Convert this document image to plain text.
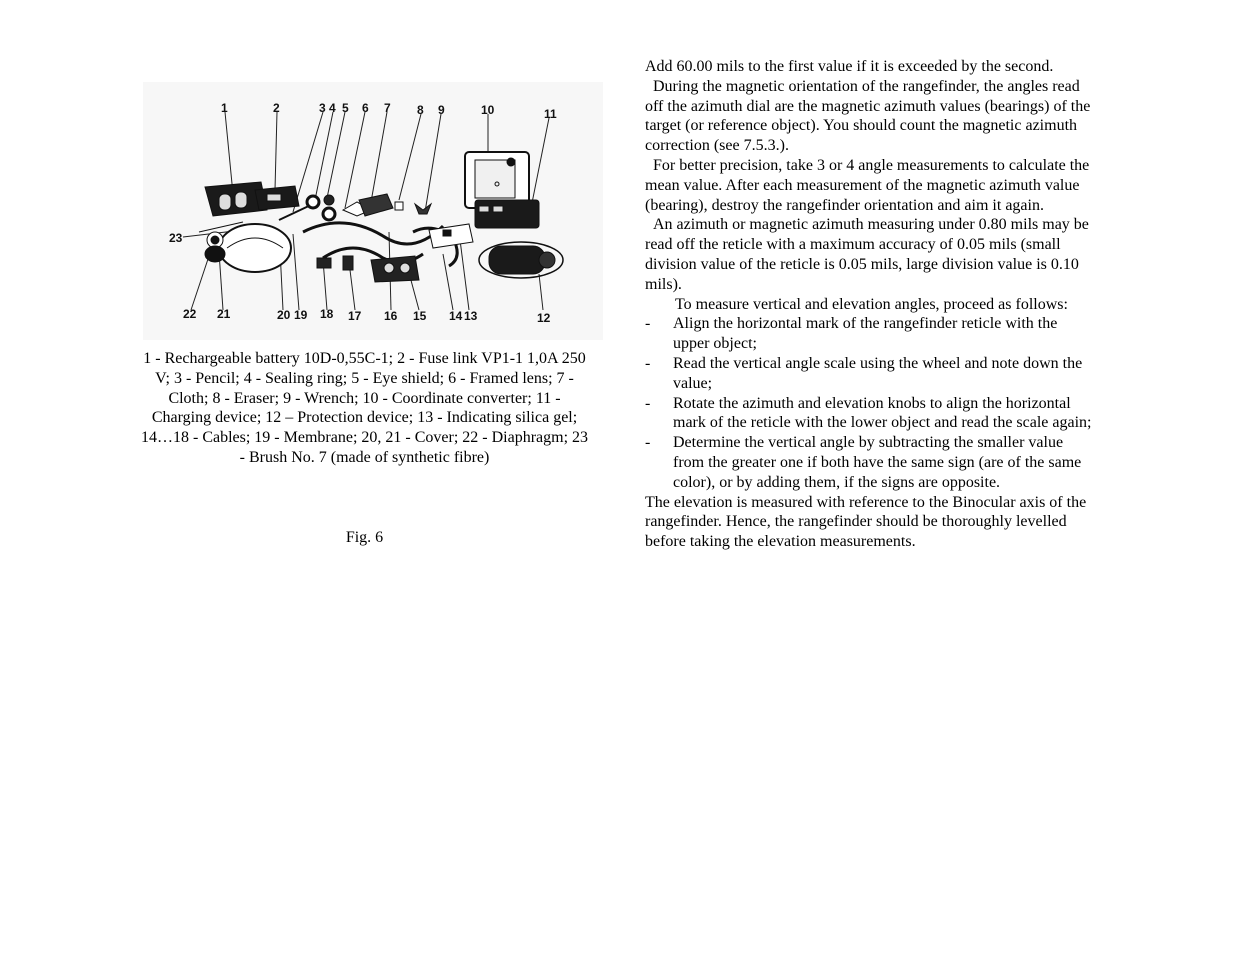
1	2	3 4 5 6 7 8 9	10	11
12
13
14
15
16
17
18
19
20
21
22
23
1 - Rechargeable battery 10D-0,55C-1; 2 - Fuse link VP1-1 1,0A 250 V; 3 - Pencil; 4 - Sealing ring; 5 - Eye shield; 6 - Framed lens; 7 - Cloth; 8 - Eraser; 9 - Wrench; 10 - Coordinate converter; 11 - Charging device; 12 – Protection device; 13 - Indicating silica gel; 14…18 - Cables; 19 - Membrane; 20, 21 - Cover; 22 - Diaphragm; 23 - Brush No. 7 (made of synthetic fibre)
Fig. 6

Add 60.00 mils to the first value if it is exceeded by the second.

During the magnetic orientation of the rangefinder, the angles read off the azimuth dial are the magnetic azimuth values (bearings) of the target (or reference object). You should count the magnetic azimuth correction (see 7.5.3.).

For better precision, take 3 or 4 angle measurements to calculate the mean value. After each measurement of the magnetic azimuth value (bearing), destroy the rangefinder orientation and aim it again.

An azimuth or magnetic azimuth measuring under 0.80 mils may be read off the reticle with a maximum accuracy of 0.05 mils (small division value of the reticle is 0.05 mils, large division value is 0.10 mils).

To measure vertical and elevation angles, proceed as follows:

- Align the horizontal mark of the rangefinder reticle with the upper object;
- Read the vertical angle scale using the wheel and note down the value;
- Rotate the azimuth and elevation knobs to align the horizontal mark of the reticle with the lower object and read the scale again;
- Determine the vertical angle by subtracting the smaller value from the greater one if both have the same sign (are of the same color), or by adding them, if the signs are opposite.

The elevation is measured with reference to the Binocular axis of the rangefinder. Hence, the rangefinder should be thoroughly levelled before taking the elevation measurements.
